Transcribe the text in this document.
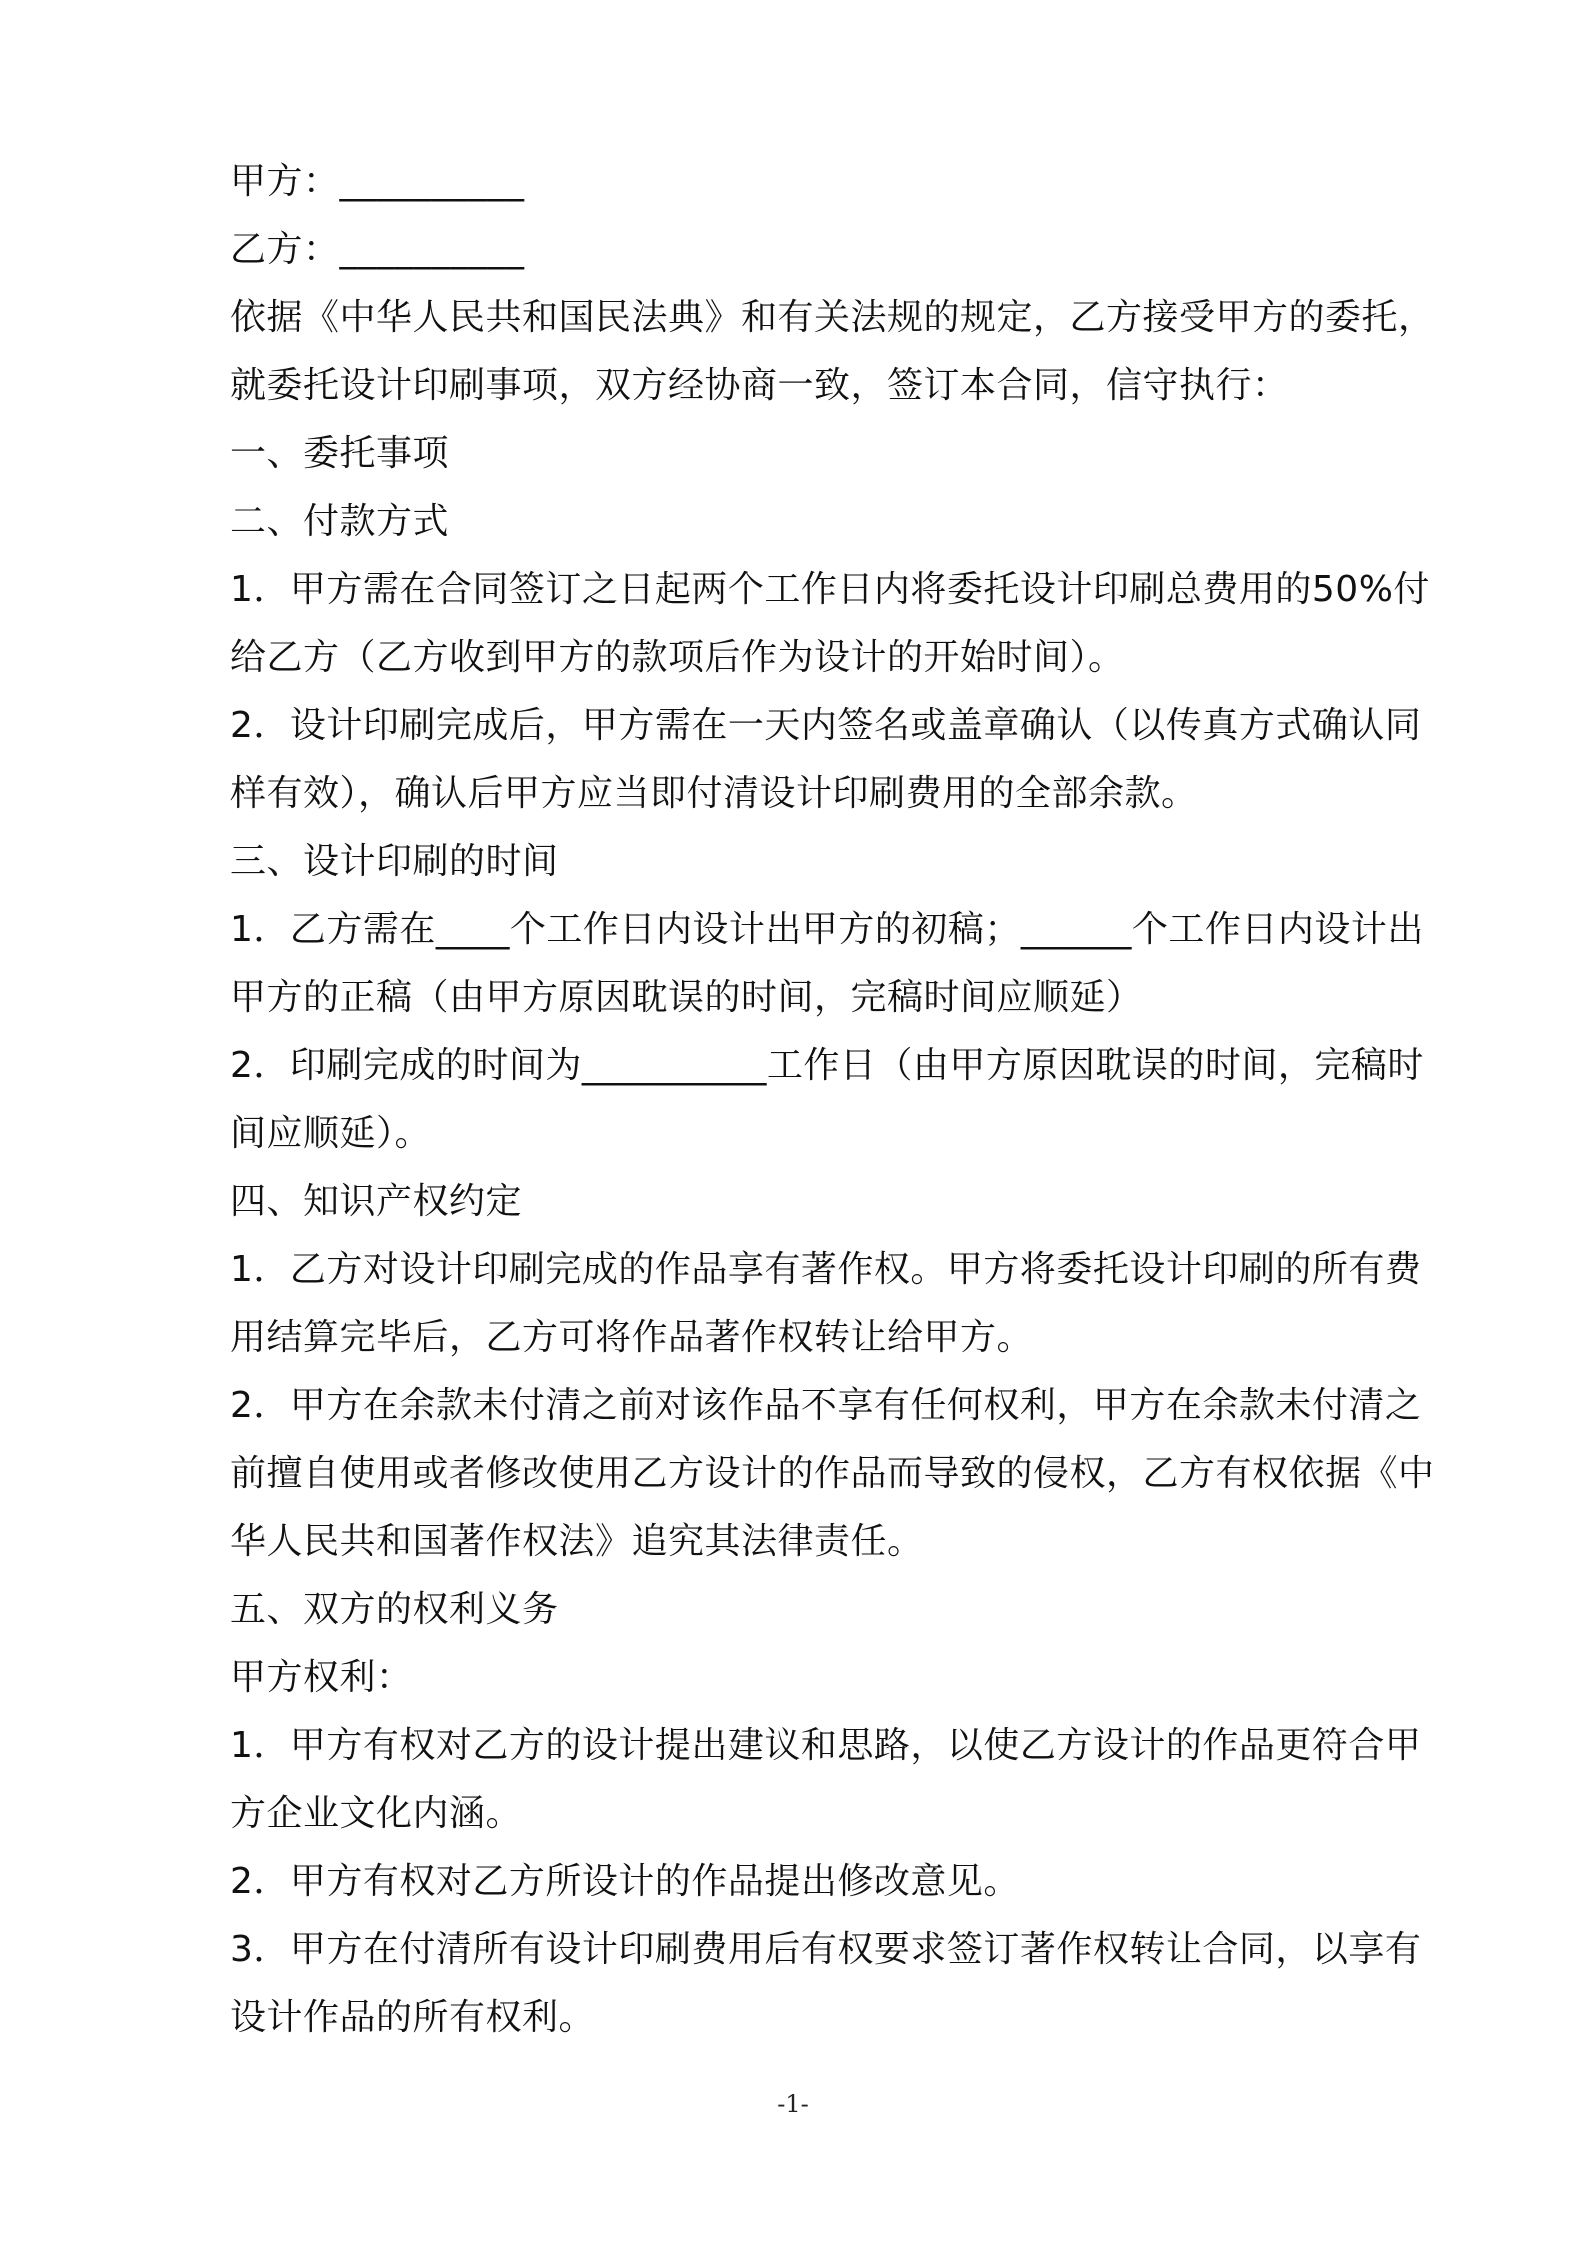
甲方：__________
乙方：__________
依据《中华人民共和国民法典》和有关法规的规定，乙方接受甲方的委托，
就委托设计印刷事项，双方经协商一致，签订本合同，信守执行：
一、委托事项
二、付款方式
1．甲方需在合同签订之日起两个工作日内将委托设计印刷总费用的50%付
给乙方（乙方收到甲方的款项后作为设计的开始时间）。
2．设计印刷完成后，甲方需在一天内签名或盖章确认（以传真方式确认同
样有效），确认后甲方应当即付清设计印刷费用的全部余款。
三、设计印刷的时间
1．乙方需在____个工作日内设计出甲方的初稿；______个工作日内设计出
甲方的正稿（由甲方原因耽误的时间，完稿时间应顺延）
2．印刷完成的时间为__________工作日（由甲方原因耽误的时间，完稿时
间应顺延）。
四、知识产权约定
1．乙方对设计印刷完成的作品享有著作权。甲方将委托设计印刷的所有费
用结算完毕后，乙方可将作品著作权转让给甲方。
2．甲方在余款未付清之前对该作品不享有任何权利，甲方在余款未付清之
前擅自使用或者修改使用乙方设计的作品而导致的侵权，乙方有权依据《中
华人民共和国著作权法》追究其法律责任。
五、双方的权利义务
甲方权利：
1．甲方有权对乙方的设计提出建议和思路，以使乙方设计的作品更符合甲
方企业文化内涵。
2．甲方有权对乙方所设计的作品提出修改意见。
3．甲方在付清所有设计印刷费用后有权要求签订著作权转让合同，以享有
设计作品的所有权利。
-1-
